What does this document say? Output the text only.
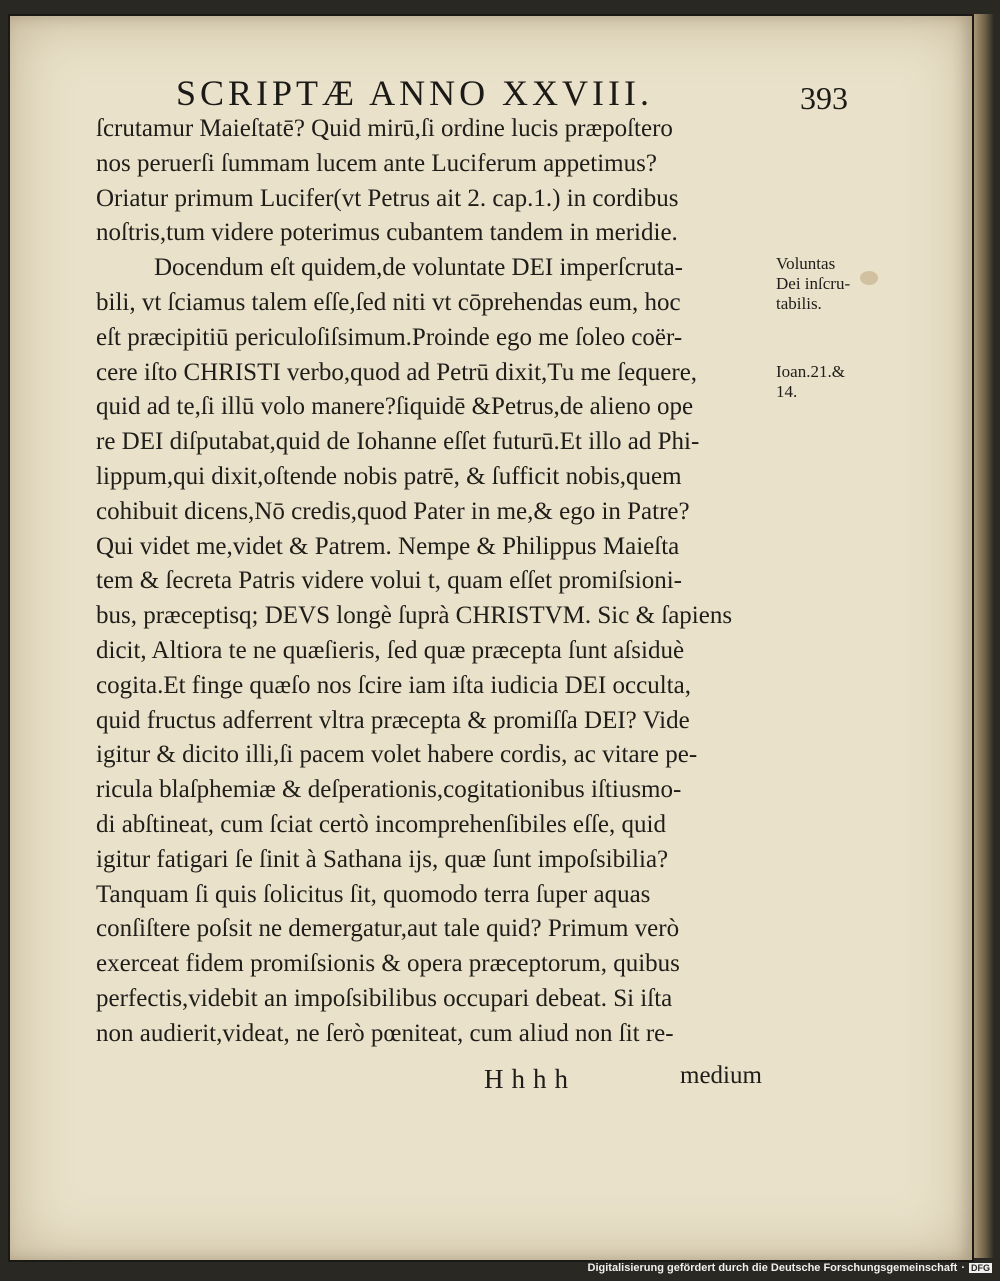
SCRIPTÆ ANNO XXVIII.	393
ſcrutamur Maieſtatē? Quid mirū,ſi ordine lucis præpoſtero
nos peruerſi ſummam lucem ante Luciferum appetimus?
Oriatur primum Lucifer(vt Petrus ait 2. cap.1.) in cordibus
noſtris,tum videre poterimus cubantem tandem in meridie.
Docendum eſt quidem,de voluntate DEI imperſcruta-
bili, vt ſciamus talem eſſe,ſed niti vt cōprehendas eum, hoc
eſt præcipitiū periculoſiſsimum.Proinde ego me ſoleo coër-
cere iſto CHRISTI verbo,quod ad Petrū dixit,Tu me ſequere,
quid ad te,ſi illū volo manere?ſiquidē &Petrus,de alieno ope
re DEI diſputabat,quid de Iohanne eſſet futurū.Et illo ad Phi-
lippum,qui dixit,oſtende nobis patrē, & ſufficit nobis,quem
cohibuit dicens,Nō credis,quod Pater in me,& ego in Patre?
Qui videt me,videt & Patrem. Nempe & Philippus Maieſta
tem & ſecreta Patris videre volui t, quam eſſet promiſsioni-
bus, præceptisq; DEVS longè ſuprà CHRISTVM. Sic & ſapiens
dicit, Altiora te ne quæſieris, ſed quæ præcepta ſunt aſsiduè
cogita.Et finge quæſo nos ſcire iam iſta iudicia DEI occulta,
quid fructus adferrent vltra præcepta & promiſſa DEI? Vide
igitur & dicito illi,ſi pacem volet habere cordis, ac vitare pe-
ricula blaſphemiæ & deſperationis,cogitationibus iſtiusmo-
di abſtineat, cum ſciat certò incomprehenſibiles eſſe, quid
igitur fatigari ſe ſinit à Sathana ijs, quæ ſunt impoſsibilia?
Tanquam ſi quis ſolicitus ſit, quomodo terra ſuper aquas
conſiſtere poſsit ne demergatur,aut tale quid? Primum verò
exerceat fidem promiſsionis & opera præceptorum, quibus
perfectis,videbit an impoſsibilibus occupari debeat. Si iſta
non audierit,videat, ne ſerò pœniteat, cum aliud non ſit re-
Voluntas
Dei inſcru-
tabilis.
Ioan.21.&
14.
Hhhh	medium
Digitalisierung gefördert durch die Deutsche Forschungsgemeinschaft · DFG
